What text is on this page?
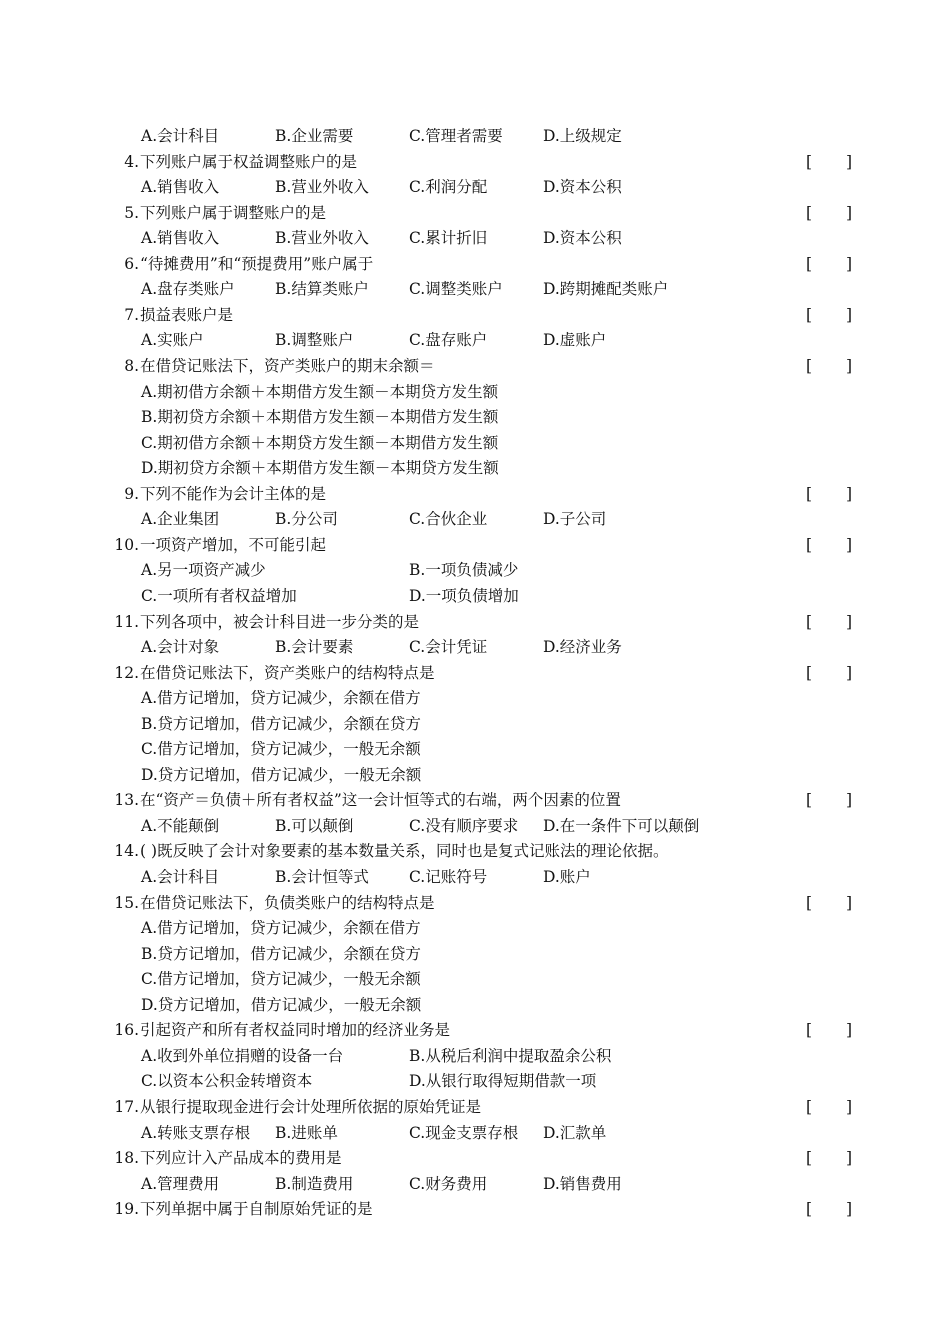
A.会计科目	B.企业需要	C.管理者需要	D.上级规定
4. 下列账户属于权益调整账户的是	[ ]
A.销售收入	B.营业外收入	C.利润分配	D.资本公积
5. 下列账户属于调整账户的是	[ ]
A.销售收入	B.营业外收入	C.累计折旧	D.资本公积
6. “待摊费用”和“预提费用”账户属于	[ ]
A.盘存类账户	B.结算类账户	C.调整类账户	D.跨期摊配类账户
7. 损益表账户是	[ ]
A.实账户	B.调整账户	C.盘存账户	D.虚账户
8. 在借贷记账法下，资产类账户的期末余额＝	[ ]
A.期初借方余额＋本期借方发生额－本期贷方发生额
B.期初贷方余额＋本期借方发生额－本期借方发生额
C.期初借方余额＋本期贷方发生额－本期借方发生额
D.期初贷方余额＋本期借方发生额－本期贷方发生额
9. 下列不能作为会计主体的是	[ ]
A.企业集团	B.分公司	C.合伙企业	D.子公司
10. 一项资产增加，不可能引起	[ ]
A.另一项资产减少	B.一项负债减少
C.一项所有者权益增加	D.一项负债增加
11. 下列各项中，被会计科目进一步分类的是	[ ]
A.会计对象	B.会计要素	C.会计凭证	D.经济业务
12. 在借贷记账法下，资产类账户的结构特点是	[ ]
A.借方记增加，贷方记减少，余额在借方
B.贷方记增加，借方记减少，余额在贷方
C.借方记增加，贷方记减少，一般无余额
D.贷方记增加，借方记减少，一般无余额
13. 在“资产＝负债＋所有者权益”这一会计恒等式的右端，两个因素的位置	[ ]
A.不能颠倒	B.可以颠倒	C.没有顺序要求 D.在一条件下可以颠倒
14. ( )既反映了会计对象要素的基本数量关系，同时也是复式记账法的理论依据。
A.会计科目	B.会计恒等式	C.记账符号	D.账户
15. 在借贷记账法下，负债类账户的结构特点是	[ ]
A.借方记增加，贷方记减少，余额在借方
B.贷方记增加，借方记减少，余额在贷方
C.借方记增加，贷方记减少，一般无余额
D.贷方记增加，借方记减少，一般无余额
16. 引起资产和所有者权益同时增加的经济业务是	[ ]
A.收到外单位捐赠的设备一台	B.从税后利润中提取盈余公积
C.以资本公积金转增资本	D.从银行取得短期借款一项
17. 从银行提取现金进行会计处理所依据的原始凭证是	[ ]
A.转账支票存根 B.进账单	C.现金支票存根 D.汇款单
18. 下列应计入产品成本的费用是	[ ]
A.管理费用	B.制造费用	C.财务费用	D.销售费用
19. 下列单据中属于自制原始凭证的是	[ ]
